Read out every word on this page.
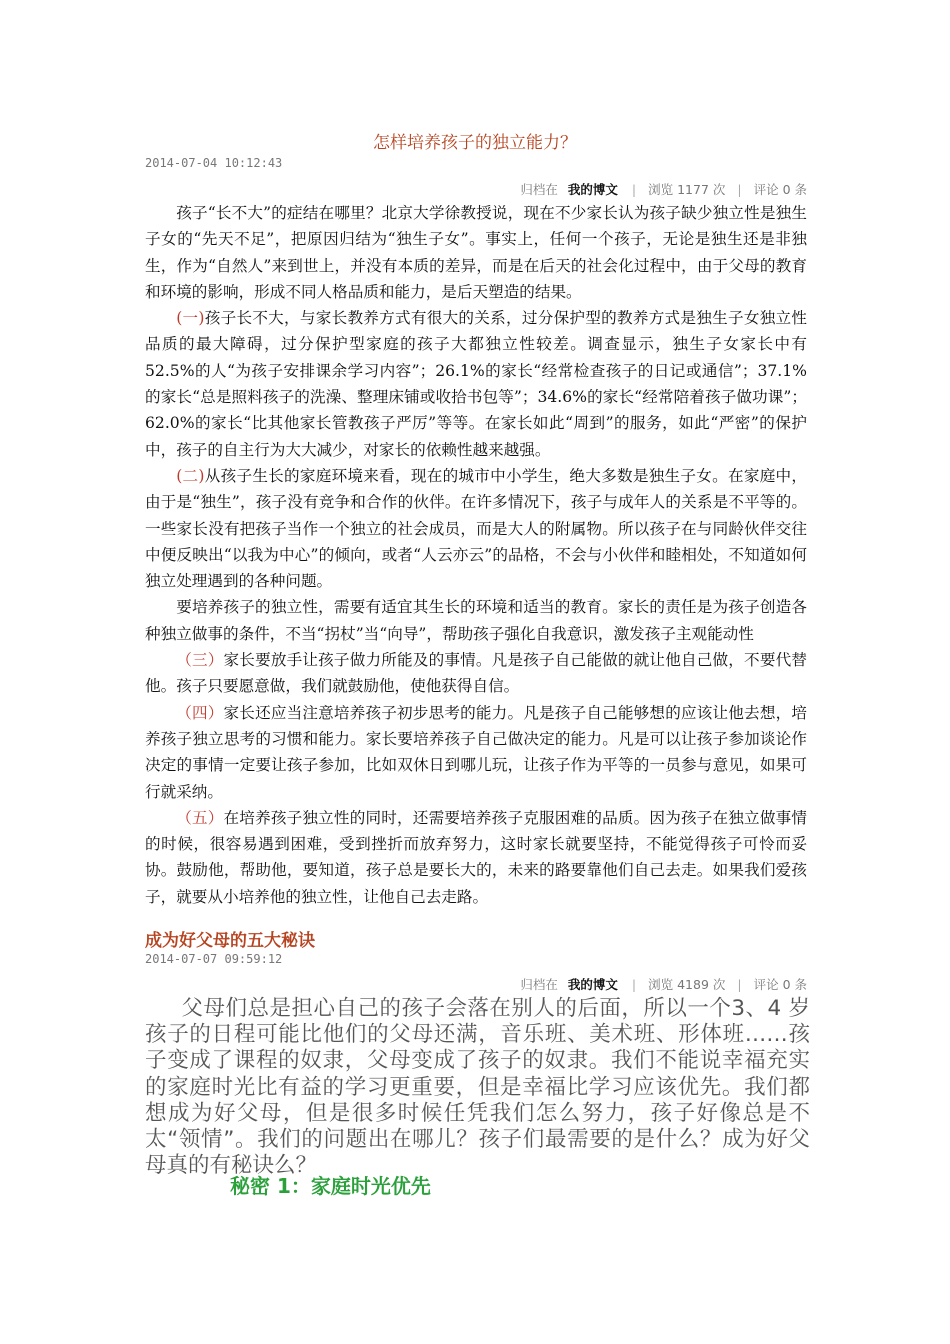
怎样培养孩子的独立能力？
2014-07-04 10:12:43
归档在 我的博文 | 浏览 1177 次 | 评论 0 条

孩子“长不大”的症结在哪里？北京大学徐教授说，现在不少家长认为孩子缺少独立性是独生子女的“先天不足”，把原因归结为“独生子女”。事实上，任何一个孩子，无论是独生还是非独生，作为“自然人”来到世上，并没有本质的差异，而是在后天的社会化过程中，由于父母的教育和环境的影响，形成不同人格品质和能力，是后天塑造的结果。

(一)孩子长不大，与家长教养方式有很大的关系，过分保护型的教养方式是独生子女独立性品质的最大障碍，过分保护型家庭的孩子大都独立性较差。调查显示，独生子女家长中有 52.5%的人“为孩子安排课余学习内容”；26.1%的家长“经常检查孩子的日记或通信”；37.1%的家长“总是照料孩子的洗澡、整理床铺或收拾书包等”；34.6%的家长“经常陪着孩子做功课”；62.0%的家长“比其他家长管教孩子严厉”等等。在家长如此“周到”的服务，如此“严密”的保护中，孩子的自主行为大大减少，对家长的依赖性越来越强。

(二)从孩子生长的家庭环境来看，现在的城市中小学生，绝大多数是独生子女。在家庭中，由于是“独生”，孩子没有竞争和合作的伙伴。在许多情况下，孩子与成年人的关系是不平等的。一些家长没有把孩子当作一个独立的社会成员，而是大人的附属物。所以孩子在与同龄伙伴交往中便反映出“以我为中心”的倾向，或者“人云亦云”的品格，不会与小伙伴和睦相处，不知道如何独立处理遇到的各种问题。

要培养孩子的独立性，需要有适宜其生长的环境和适当的教育。家长的责任是为孩子创造各种独立做事的条件，不当“拐杖”当“向导”，帮助孩子强化自我意识，激发孩子主观能动性

（三）家长要放手让孩子做力所能及的事情。凡是孩子自己能做的就让他自己做，不要代替他。孩子只要愿意做，我们就鼓励他，使他获得自信。

（四）家长还应当注意培养孩子初步思考的能力。凡是孩子自己能够想的应该让他去想，培养孩子独立思考的习惯和能力。家长要培养孩子自己做决定的能力。凡是可以让孩子参加谈论作决定的事情一定要让孩子参加，比如双休日到哪儿玩，让孩子作为平等的一员参与意见，如果可行就采纳。

（五）在培养孩子独立性的同时，还需要培养孩子克服困难的品质。因为孩子在独立做事情的时候，很容易遇到困难，受到挫折而放弃努力，这时家长就要坚持，不能觉得孩子可怜而妥协。鼓励他，帮助他，要知道，孩子总是要长大的，未来的路要靠他们自己去走。如果我们爱孩子，就要从小培养他的独立性，让他自己去走路。

成为好父母的五大秘诀
2014-07-07 09:59:12
归档在 我的博文 | 浏览 4189 次 | 评论 0 条

父母们总是担心自己的孩子会落在别人的后面，所以一个3、4 岁孩子的日程可能比他们的父母还满，音乐班、美术班、形体班……孩子变成了课程的奴隶，父母变成了孩子的奴隶。我们不能说幸福充实的家庭时光比有益的学习更重要，但是幸福比学习应该优先。我们都想成为好父母，但是很多时候任凭我们怎么努力，孩子好像总是不太“领情”。我们的问题出在哪儿？孩子们最需要的是什么？成为好父母真的有秘诀么？

秘密 1：家庭时光优先
